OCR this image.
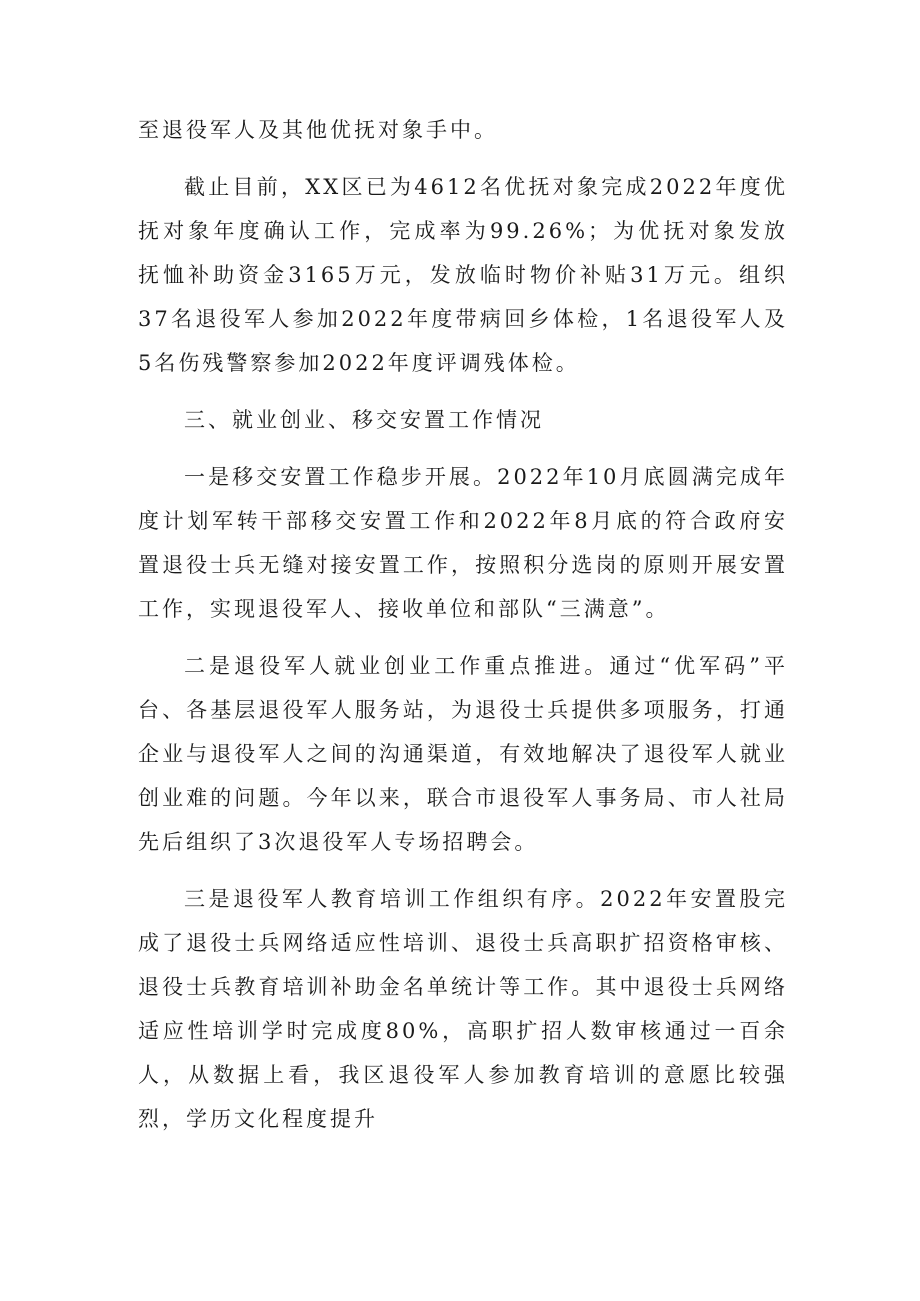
至退役军人及其他优抚对象手中。

截止目前，XX区已为4612名优抚对象完成2022年度优抚对象年度确认工作，完成率为99.26%；为优抚对象发放抚恤补助资金3165万元，发放临时物价补贴31万元。组织37名退役军人参加2022年度带病回乡体检，1名退役军人及5名伤残警察参加2022年度评调残体检。

三、就业创业、移交安置工作情况

一是移交安置工作稳步开展。2022年10月底圆满完成年度计划军转干部移交安置工作和2022年8月底的符合政府安置退役士兵无缝对接安置工作，按照积分选岗的原则开展安置工作，实现退役军人、接收单位和部队“三满意”。

二是退役军人就业创业工作重点推进。通过“优军码”平台、各基层退役军人服务站，为退役士兵提供多项服务，打通企业与退役军人之间的沟通渠道，有效地解决了退役军人就业创业难的问题。今年以来，联合市退役军人事务局、市人社局先后组织了3次退役军人专场招聘会。

三是退役军人教育培训工作组织有序。2022年安置股完成了退役士兵网络适应性培训、退役士兵高职扩招资格审核、退役士兵教育培训补助金名单统计等工作。其中退役士兵网络适应性培训学时完成度80%，高职扩招人数审核通过一百余人，从数据上看，我区退役军人参加教育培训的意愿比较强烈，学历文化程度提升
